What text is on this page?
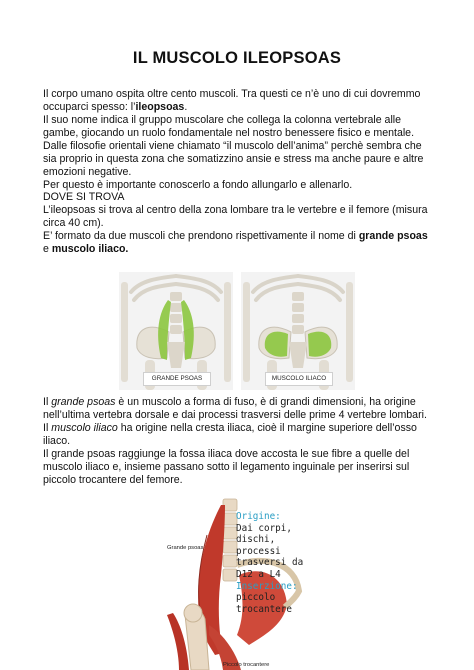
IL MUSCOLO ILEOPSOAS

Il corpo umano ospita oltre cento muscoli. Tra questi ce n’è uno di cui dovremmo

occuparci spesso: l’ileopsoas.

Il suo nome indica il gruppo muscolare che collega la colonna vertebrale alle

gambe, giocando un ruolo fondamentale nel nostro benessere fisico e mentale.

Dalle filosofie orientali viene chiamato “il muscolo dell’anima” perchè sembra che

sia proprio in questa zona che somatizzino ansie e stress ma anche paure e altre

emozioni negative.

Per questo è importante conoscerlo a fondo allungarlo e allenarlo.

DOVE SI TROVA

L’ileopsoas si trova al centro della zona lombare tra le vertebre e il femore (misura

circa 40 cm).

E’ formato da due muscoli che prendono rispettivamente il nome di grande psoas

e muscolo iliaco.

GRANDE PSOAS	MUSCOLO ILIACO

Il grande psoas è un muscolo a forma di fuso, è di grandi dimensioni, ha origine

nell’ultima vertebra dorsale e dai processi trasversi delle prime 4 vertebre lombari.

Il muscolo iliaco ha origine nella cresta iliaca, cioè il margine superiore dell’osso

iliaco.

Il grande psoas raggiunge la fossa iliaca dove accosta le sue fibre a quelle del

muscolo iliaco e, insieme passano sotto il legamento inguinale per inserirsi sul

piccolo trocantere del femore.

Grande psoas
Piccolo trocantere
Origine:
Dai corpi,
dischi,
processi
trasversi da
D12 a L4
Inserzione:
piccolo
trocantere
